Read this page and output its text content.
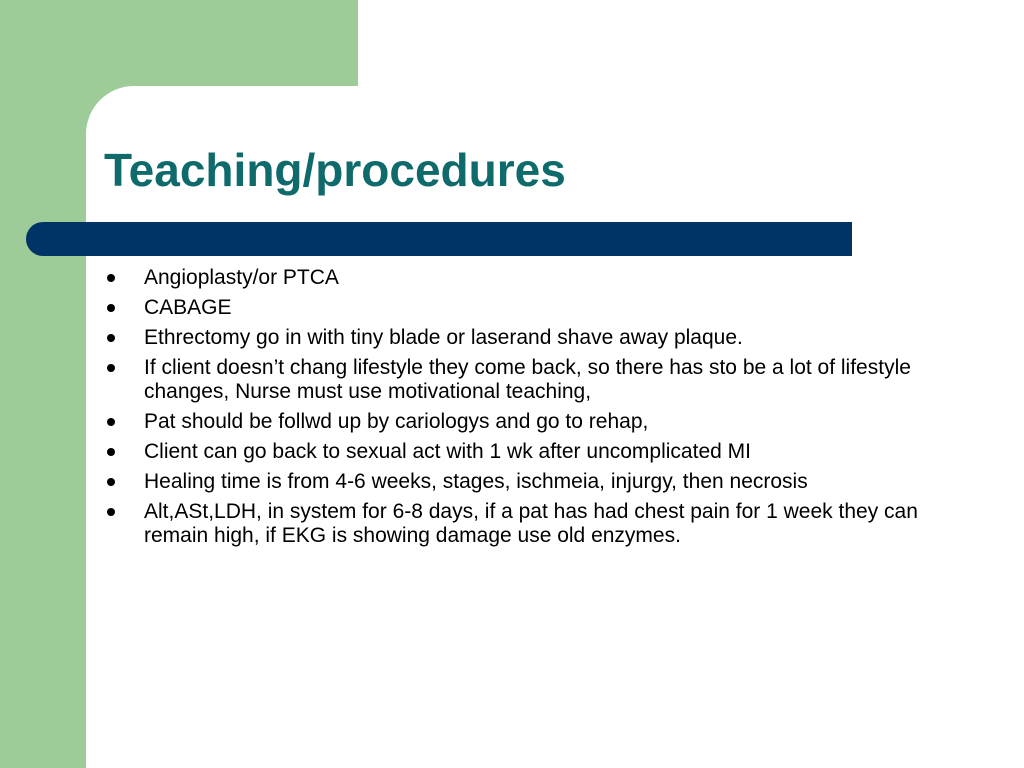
Teaching/procedures
Angioplasty/or PTCA
CABAGE
Ethrectomy go in with tiny blade or laserand shave away plaque.
If client doesn’t chang lifestyle they come back, so there has sto be a lot of lifestyle changes, Nurse must use motivational teaching,
Pat should be follwd up by cariologys and go to rehap,
Client can go back to sexual act with 1 wk after uncomplicated MI
Healing time is from 4-6 weeks, stages, ischmeia, injurgy, then necrosis
Alt,ASt,LDH, in system for 6-8 days, if a pat has had chest pain for 1 week they can remain high, if EKG is showing damage use old enzymes.
